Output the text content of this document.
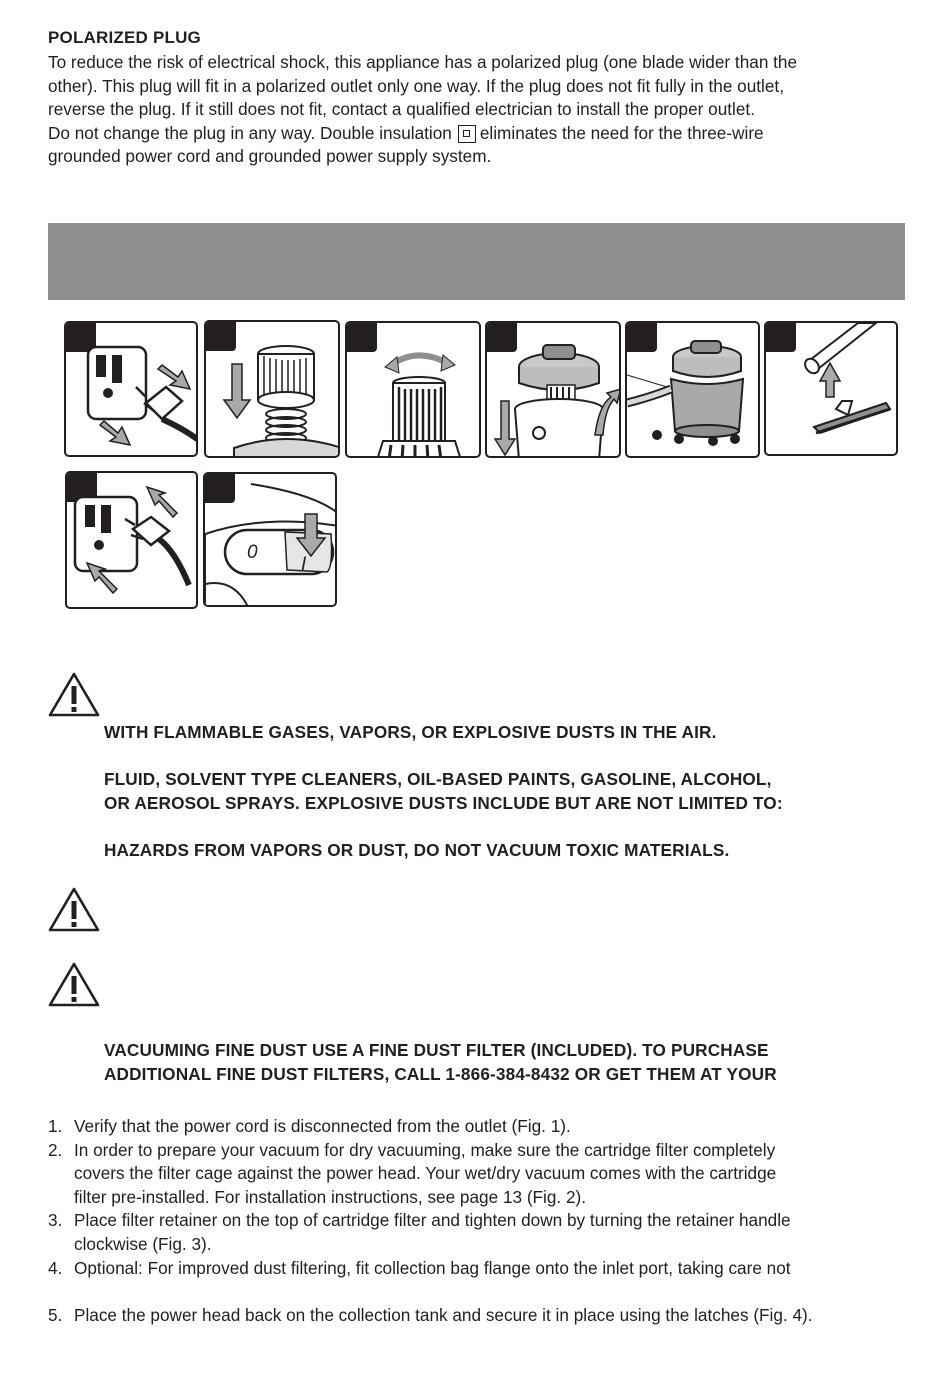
POLARIZED PLUG
To reduce the risk of electrical shock, this appliance has a polarized plug (one blade wider than the
other). This plug will fit in a polarized outlet only one way. If the plug does not fit fully in the outlet,
reverse the plug. If it still does not fit, contact a qualified electrician to install the proper outlet.
Do not change the plug in any way. Double insulation eliminates the need for the three-wire
grounded power cord and grounded power supply system.
0
I
WITH FLAMMABLE GASES, VAPORS, OR EXPLOSIVE DUSTS IN THE AIR.
FLUID, SOLVENT TYPE CLEANERS, OIL-BASED PAINTS, GASOLINE, ALCOHOL,
OR AEROSOL SPRAYS. EXPLOSIVE DUSTS INCLUDE BUT ARE NOT LIMITED TO:
HAZARDS FROM VAPORS OR DUST, DO NOT VACUUM TOXIC MATERIALS.
VACUUMING FINE DUST USE A FINE DUST FILTER (INCLUDED). TO PURCHASE
ADDITIONAL FINE DUST FILTERS, CALL 1-866-384-8432 OR GET THEM AT YOUR
1. Verify that the power cord is disconnected from the outlet (Fig. 1).
2. In order to prepare your vacuum for dry vacuuming, make sure the cartridge filter completely
covers the filter cage against the power head. Your wet/dry vacuum comes with the cartridge
filter pre-installed. For installation instructions, see page 13 (Fig. 2).
3. Place filter retainer on the top of cartridge filter and tighten down by turning the retainer handle
clockwise (Fig. 3).
4. Optional: For improved dust filtering, fit collection bag flange onto the inlet port, taking care not
5. Place the power head back on the collection tank and secure it in place using the latches (Fig. 4).
